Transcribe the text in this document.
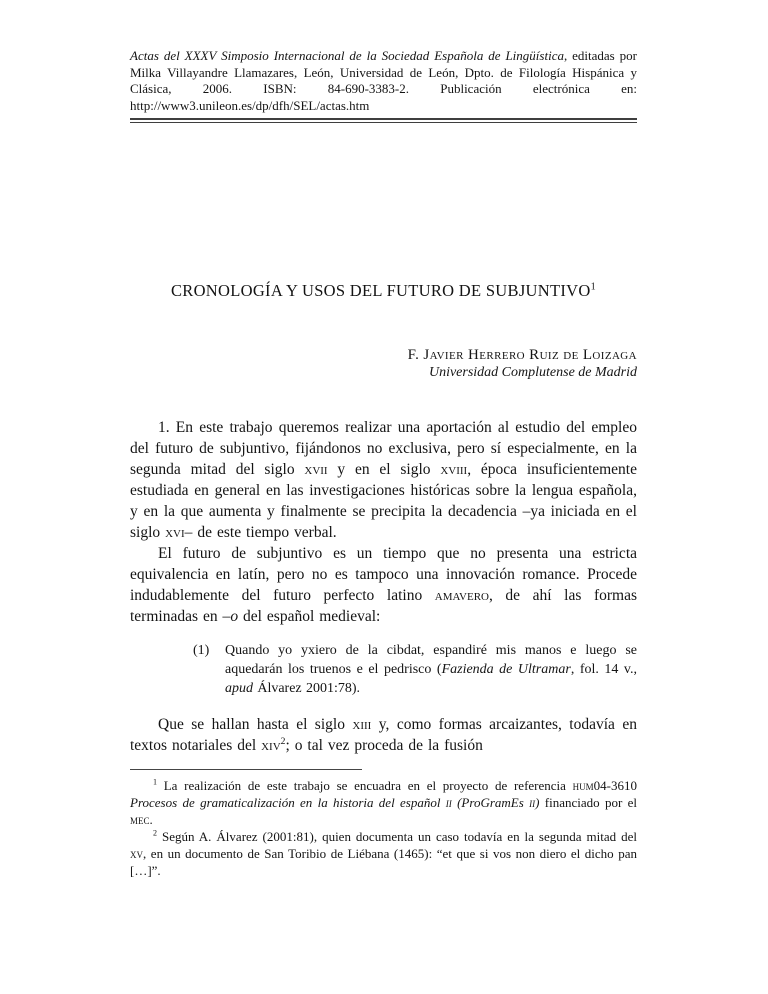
Actas del XXXV Simposio Internacional de la Sociedad Española de Lingüística, editadas por Milka Villayandre Llamazares, León, Universidad de León, Dpto. de Filología Hispánica y Clásica, 2006. ISBN: 84-690-3383-2. Publicación electrónica en: http://www3.unileon.es/dp/dfh/SEL/actas.htm

CRONOLOGÍA Y USOS DEL FUTURO DE SUBJUNTIVO$^1$
F. Javier Herrero Ruiz de Loizaga
Universidad Complutense de Madrid

1. En este trabajo queremos realizar una aportación al estudio del empleo del futuro de subjuntivo, fijándonos no exclusiva, pero sí especialmente, en la segunda mitad del siglo xvii y en el siglo xviii, época insuficientemente estudiada en general en las investigaciones históricas sobre la lengua española, y en la que aumenta y finalmente se precipita la decadencia –ya iniciada en el siglo xvi– de este tiempo verbal.

El futuro de subjuntivo es un tiempo que no presenta una estricta equivalencia en latín, pero no es tampoco una innovación romance. Procede indudablemente del futuro perfecto latino amavero, de ahí las formas terminadas en –o del español medieval:

(1)	Quando yo yxiero de la cibdat, espandiré mis manos e luego se aquedarán los truenos e el pedrisco (Fazienda de Ultramar, fol. 14 v., apud Álvarez 2001:78).

Que se hallan hasta el siglo xiii y, como formas arcaizantes, todavía en textos notariales del xiv$^2$; o tal vez proceda de la fusión

$^1$ La realización de este trabajo se encuadra en el proyecto de referencia hum04-3610 Procesos de gramaticalización en la historia del español ii (ProGramEs ii) financiado por el mec.

$^2$ Según A. Álvarez (2001:81), quien documenta un caso todavía en la segunda mitad del xv, en un documento de San Toribio de Liébana (1465): “et que si vos non diero el dicho pan […]”.
